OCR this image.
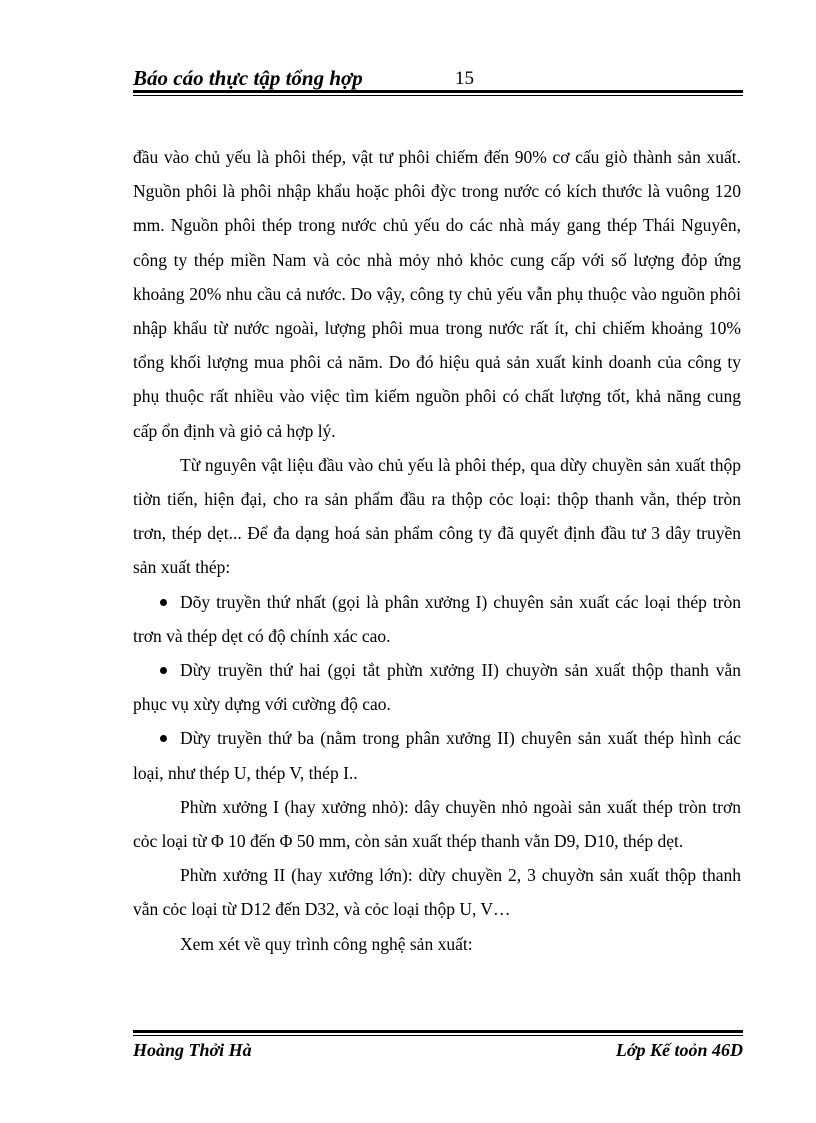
Báo cáo thực tập tổng hợp	15

đầu vào chủ yếu là phôi thép, vật tư phôi chiếm đến 90% cơ cấu giò thành sản xuất. Nguồn phôi là phôi nhập khẩu hoặc phôi đỳc trong nước có kích thước là vuông 120 mm. Nguồn phôi thép trong nước chủ yếu do các nhà máy gang thép Thái Nguyên, công ty thép miền Nam và cỏc nhà mỏy nhỏ khỏc cung cấp với số lượng đỏp ứng khoảng 20% nhu cầu cả nước. Do vậy, công ty chủ yếu vẫn phụ thuộc vào nguồn phôi nhập khẩu từ nước ngoài, lượng phôi mua trong nước rất ít, chỉ chiếm khoảng 10% tổng khối lượng mua phôi cả năm. Do đó hiệu quả sản xuất kinh doanh của công ty phụ thuộc rất nhiều vào việc tìm kiếm nguồn phôi có chất lượng tốt, khả năng cung cấp ổn định và giỏ cả hợp lý.

Từ nguyên vật liệu đầu vào chủ yếu là phôi thép, qua dừy chuyền sản xuất thộp tiờn tiến, hiện đại, cho ra sản phẩm đầu ra thộp cỏc loại: thộp thanh vằn, thép tròn trơn, thép dẹt... Để đa dạng hoá sản phẩm công ty đã quyết định đầu tư 3 dây truyền sản xuất thép:

Dõy truyền thứ nhất (gọi là phân xưởng I) chuyên sản xuất các loại thép tròn trơn và thép dẹt có độ chính xác cao.

Dừy truyền thứ hai (gọi tắt phừn xưởng II) chuyờn sản xuất thộp thanh vằn phục vụ xừy dựng với cường độ cao.

Dừy truyền thứ ba (nằm trong phân xưởng II) chuyên sản xuất thép hình các loại, như thép U, thép V, thép I..

Phừn xưởng I (hay xưởng nhỏ): dây chuyền nhỏ ngoài sản xuất thép tròn trơn cỏc loại từ Φ 10 đến Φ 50 mm, còn sản xuất thép thanh vằn D9, D10, thép dẹt.

Phừn xưởng II (hay xưởng lớn): dừy chuyền 2, 3 chuyờn sản xuất thộp thanh vằn cỏc loại từ D12 đến D32, và cỏc loại thộp U, V…

Xem xét về quy trình công nghệ sản xuất:

Hoàng Thởi Hà	Lớp Kế toỏn 46D
